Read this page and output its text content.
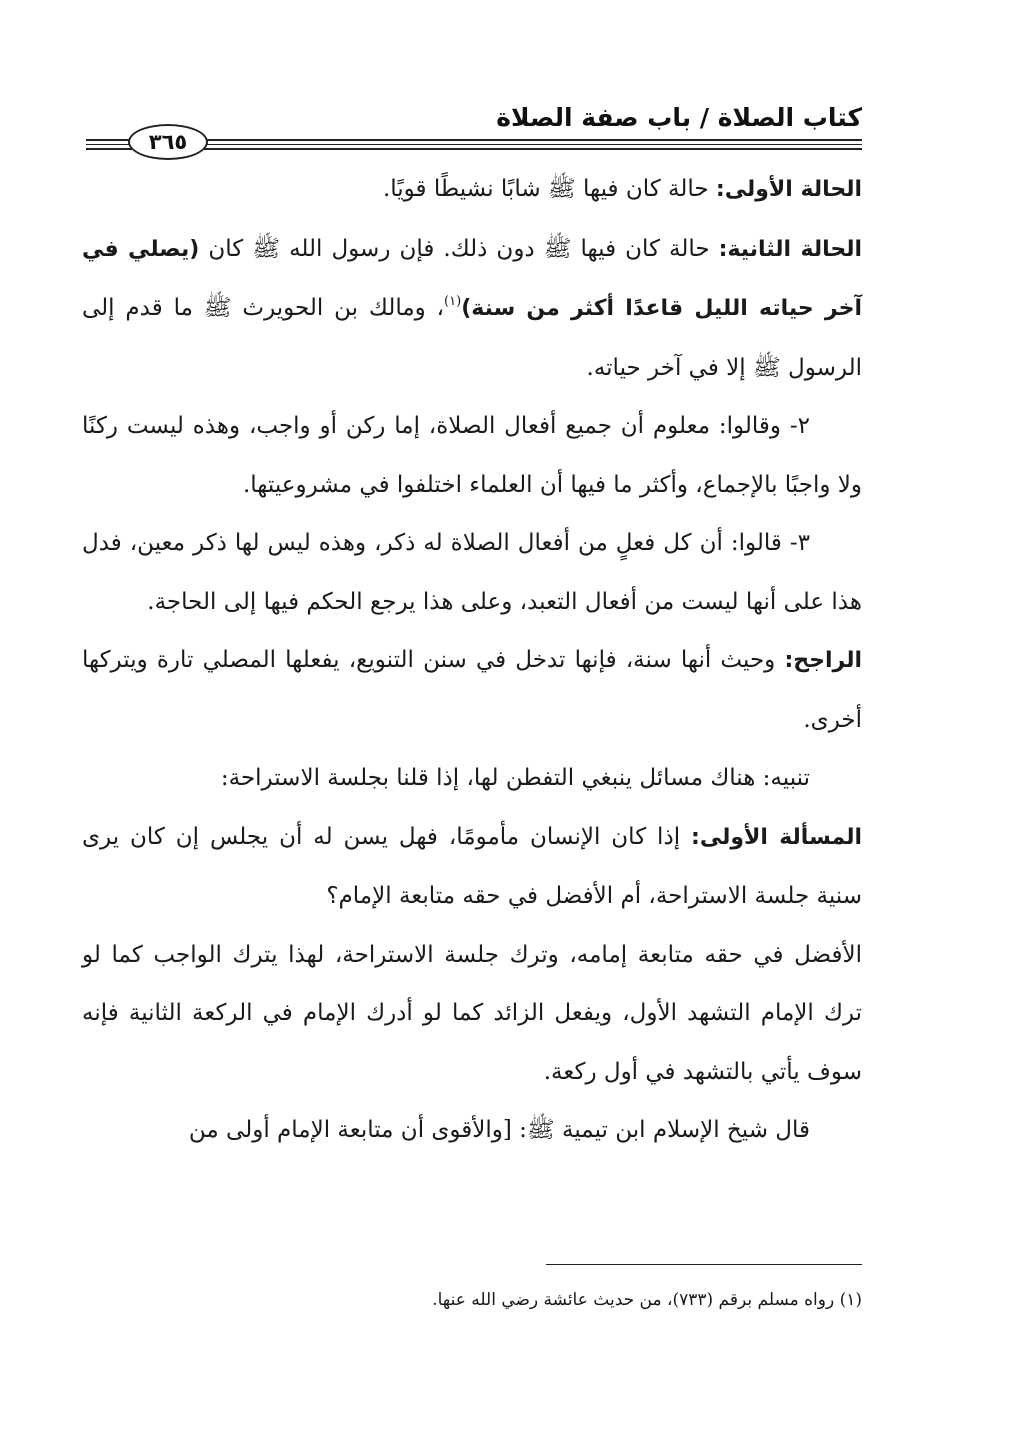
كتاب الصلاة / باب صفة الصلاة
٣٦٥

الحالة الأولى: حالة كان فيها ﷺ شابًا نشيطًا قويًا.

الحالة الثانية: حالة كان فيها ﷺ دون ذلك. فإن رسول الله ﷺ كان (يصلي في آخر حياته الليل قاعدًا أكثر من سنة)$^{(١)}$، ومالك بن الحويرث ﷺ ما قدم إلى الرسول ﷺ إلا في آخر حياته.

٢- وقالوا: معلوم أن جميع أفعال الصلاة، إما ركن أو واجب، وهذه ليست ركنًا ولا واجبًا بالإجماع، وأكثر ما فيها أن العلماء اختلفوا في مشروعيتها.

٣- قالوا: أن كل فعلٍ من أفعال الصلاة له ذكر، وهذه ليس لها ذكر معين، فدل هذا على أنها ليست من أفعال التعبد، وعلى هذا يرجع الحكم فيها إلى الحاجة.

الراجح: وحيث أنها سنة، فإنها تدخل في سنن التنويع، يفعلها المصلي تارة ويتركها أخرى.

تنبيه: هناك مسائل ينبغي التفطن لها، إذا قلنا بجلسة الاستراحة:

المسألة الأولى: إذا كان الإنسان مأمومًا، فهل يسن له أن يجلس إن كان يرى سنية جلسة الاستراحة، أم الأفضل في حقه متابعة الإمام؟

الأفضل في حقه متابعة إمامه، وترك جلسة الاستراحة، لهذا يترك الواجب كما لو ترك الإمام التشهد الأول، ويفعل الزائد كما لو أدرك الإمام في الركعة الثانية فإنه سوف يأتي بالتشهد في أول ركعة.

قال شيخ الإسلام ابن تيمية ﷺ: [والأقوى أن متابعة الإمام أولى من

(١) رواه مسلم برقم (٧٣٣)، من حديث عائشة رضي الله عنها.
